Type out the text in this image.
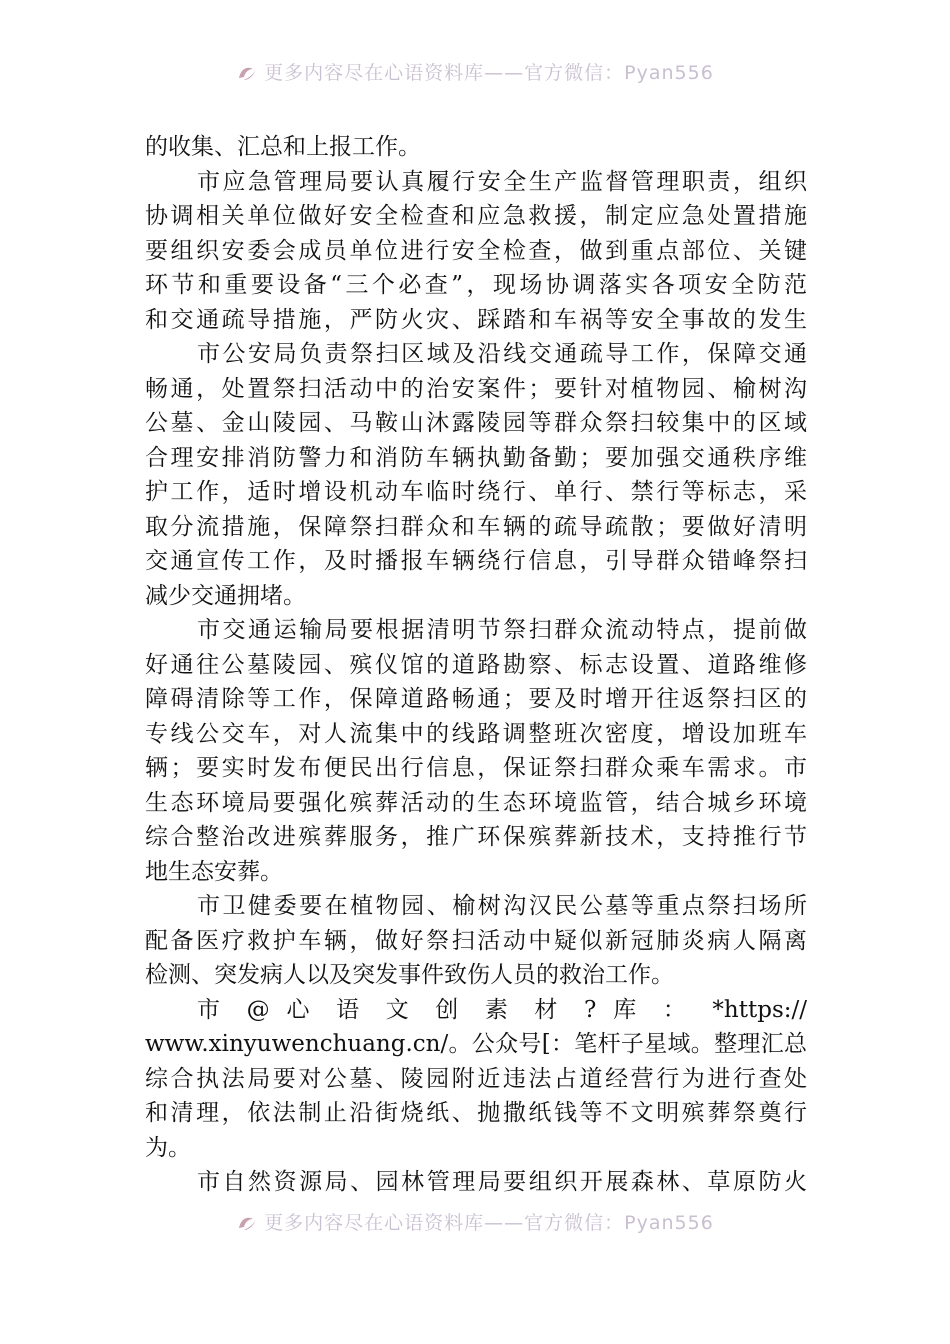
更多内容尽在心语资料库——官方微信：Pyan556
的收集、汇总和上报工作。
市应急管理局要认真履行安全生产监督管理职责，组织
协调相关单位做好安全检查和应急救援，制定应急处置措施
要组织安委会成员单位进行安全检查，做到重点部位、关键
环节和重要设备“三个必查”，现场协调落实各项安全防范
和交通疏导措施，严防火灾、踩踏和车祸等安全事故的发生
市公安局负责祭扫区域及沿线交通疏导工作，保障交通
畅通，处置祭扫活动中的治安案件；要针对植物园、榆树沟
公墓、金山陵园、马鞍山沐露陵园等群众祭扫较集中的区域
合理安排消防警力和消防车辆执勤备勤；要加强交通秩序维
护工作，适时增设机动车临时绕行、单行、禁行等标志，采
取分流措施，保障祭扫群众和车辆的疏导疏散；要做好清明
交通宣传工作，及时播报车辆绕行信息，引导群众错峰祭扫
减少交通拥堵。
市交通运输局要根据清明节祭扫群众流动特点，提前做
好通往公墓陵园、殡仪馆的道路勘察、标志设置、道路维修
障碍清除等工作，保障道路畅通；要及时增开往返祭扫区的
专线公交车，对人流集中的线路调整班次密度，增设加班车
辆；要实时发布便民出行信息，保证祭扫群众乘车需求。市
生态环境局要强化殡葬活动的生态环境监管，结合城乡环境
综合整治改进殡葬服务，推广环保殡葬新技术，支持推行节
地生态安葬。
市卫健委要在植物园、榆树沟汉民公墓等重点祭扫场所
配备医疗救护车辆，做好祭扫活动中疑似新冠肺炎病人隔离
检测、突发病人以及突发事件致伤人员的救治工作。
市 @ 心 语 文 创 素 材 ? 库 ： *https://
www.xinyuwenchuang.cn/。公众号[：笔杆子星域。整理汇总
综合执法局要对公墓、陵园附近违法占道经营行为进行查处
和清理，依法制止沿街烧纸、抛撒纸钱等不文明殡葬祭奠行
为。
市自然资源局、园林管理局要组织开展森林、草原防火
更多内容尽在心语资料库——官方微信：Pyan556
